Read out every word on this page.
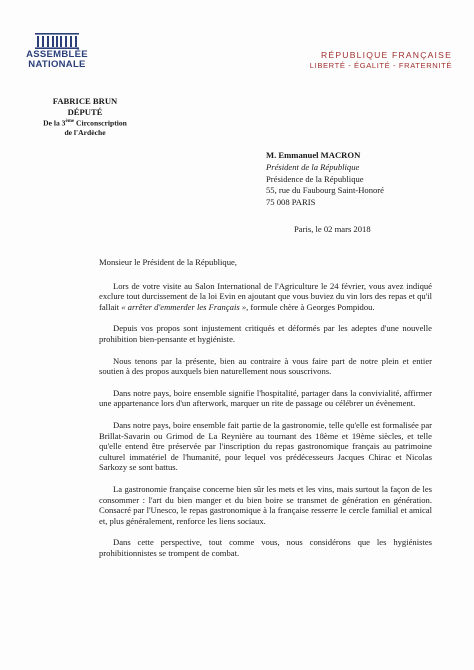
ASSEMBLÉE
NATIONALE
RÉPUBLIQUE FRANÇAISE
LIBERTÉ - ÉGALITÉ - FRATERNITÉ
FABRICE BRUN
DÉPUTÉ
De la 3ème Circonscription
de l'Ardèche
M. Emmanuel MACRON
Président de la République
Présidence de la République
55, rue du Faubourg Saint-Honoré
75 008 PARIS
Paris, le 02 mars 2018

Monsieur le Président de la République,

Lors de votre visite au Salon International de l'Agriculture le 24 février, vous avez indiqué exclure tout durcissement de la loi Evin en ajoutant que vous buviez du vin lors des repas et qu'il fallait « arrêter d'emmerder les Français », formule chère à Georges Pompidou.

Depuis vos propos sont injustement critiqués et déformés par les adeptes d'une nouvelle prohibition bien-pensante et hygiéniste.

Nous tenons par la présente, bien au contraire à vous faire part de notre plein et entier soutien à des propos auxquels bien naturellement nous souscrivons.

Dans notre pays, boire ensemble signifie l'hospitalité, partager dans la convivialité, affirmer une appartenance lors d'un afterwork, marquer un rite de passage ou célébrer un évènement.

Dans notre pays, boire ensemble fait partie de la gastronomie, telle qu'elle est formalisée par Brillat-Savarin ou Grimod de La Reynière au tournant des 18ème et 19ème siècles, et telle qu'elle entend être préservée par l'inscription du repas gastronomique français au patrimoine culturel immatériel de l'humanité, pour lequel vos prédécesseurs Jacques Chirac et Nicolas Sarkozy se sont battus.

La gastronomie française concerne bien sûr les mets et les vins, mais surtout la façon de les consommer : l'art du bien manger et du bien boire se transmet de génération en génération. Consacré par l'Unesco, le repas gastronomique à la française resserre le cercle familial et amical et, plus généralement, renforce les liens sociaux.

Dans cette perspective, tout comme vous, nous considérons que les hygiénistes prohibitionnistes se trompent de combat.
